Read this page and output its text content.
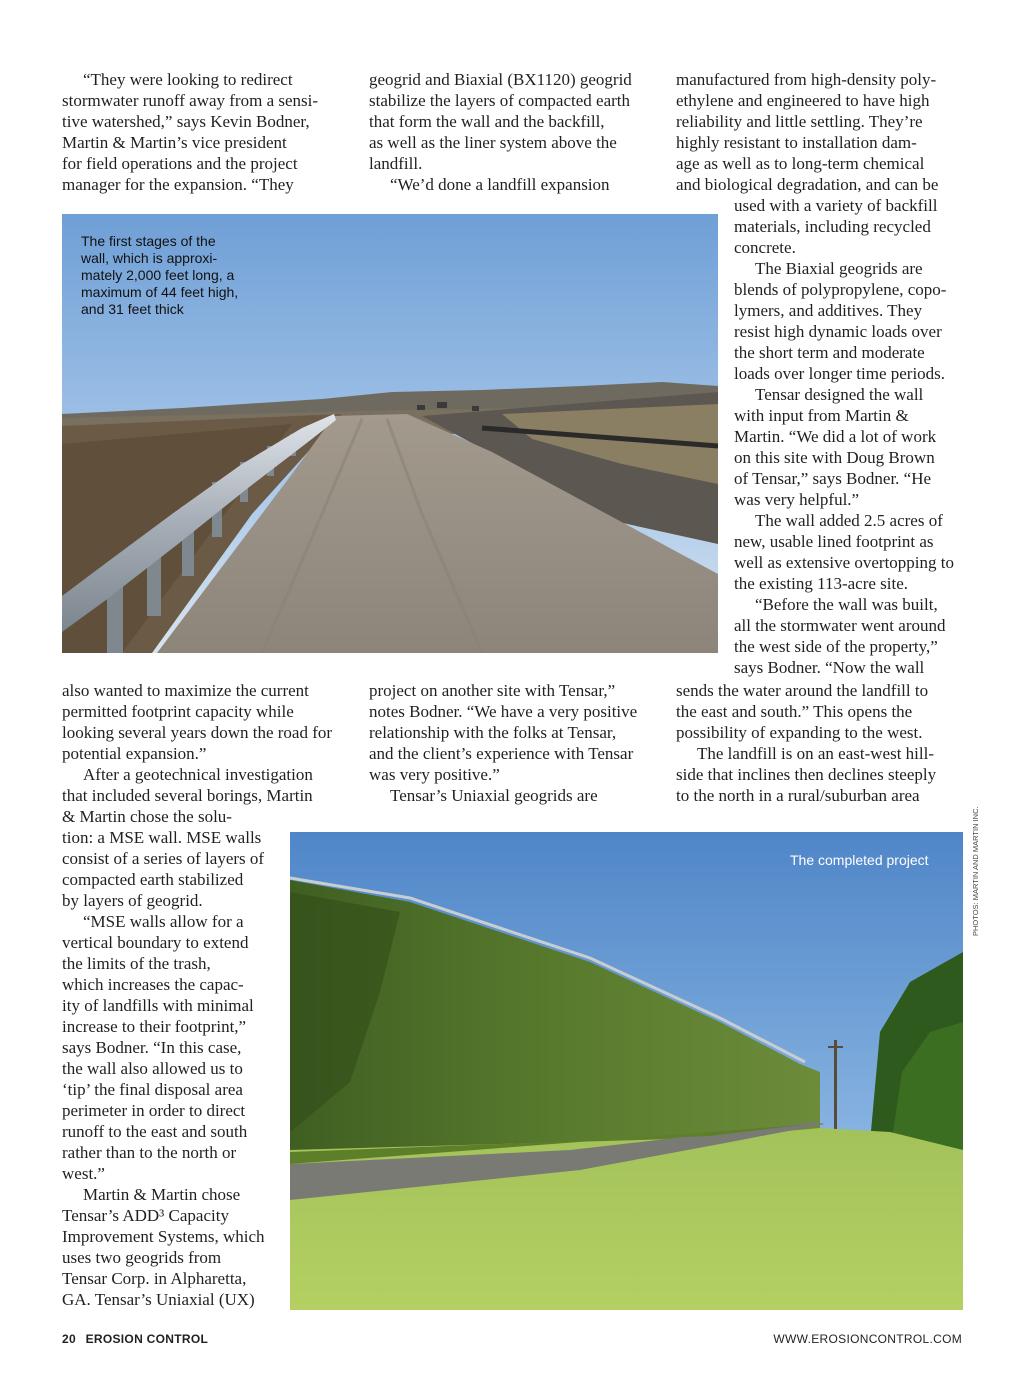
“They were looking to redirect
stormwater runoff away from a sensi-
tive watershed,” says Kevin Bodner,
Martin & Martin’s vice president
for field operations and the project
manager for the expansion. “They
also wanted to maximize the current
permitted footprint capacity while
looking several years down the road for
potential expansion.”
After a geotechnical investigation
that included several borings, Martin
& Martin chose the solu-
tion: a MSE wall. MSE walls
consist of a series of layers of
compacted earth stabilized
by layers of geogrid.
“MSE walls allow for a
vertical boundary to extend
the limits of the trash,
which increases the capac-
ity of landfills with minimal
increase to their footprint,”
says Bodner. “In this case,
the wall also allowed us to
‘tip’ the final disposal area
perimeter in order to direct
runoff to the east and south
rather than to the north or
west.”
Martin & Martin chose
Tensar’s ADD³ Capacity
Improvement Systems, which
uses two geogrids from
Tensar Corp. in Alpharetta,
GA. Tensar’s Uniaxial (UX)
geogrid and Biaxial (BX1120) geogrid
stabilize the layers of compacted earth
that form the wall and the backfill,
as well as the liner system above the
landfill.
“We’d done a landfill expansion
project on another site with Tensar,”
notes Bodner. “We have a very positive
relationship with the folks at Tensar,
and the client’s experience with Tensar
was very positive.”
Tensar’s Uniaxial geogrids are
manufactured from high-density poly-
ethylene and engineered to have high
reliability and little settling. They’re
highly resistant to installation dam-
age as well as to long-term chemical
and biological degradation, and can be
used with a variety of backfill
materials, including recycled
concrete.
The Biaxial geogrids are
blends of polypropylene, copo-
lymers, and additives. They
resist high dynamic loads over
the short term and moderate
loads over longer time periods.
Tensar designed the wall
with input from Martin &
Martin. “We did a lot of work
on this site with Doug Brown
of Tensar,” says Bodner. “He
was very helpful.”
The wall added 2.5 acres of
new, usable lined footprint as
well as extensive overtopping to
the existing 113-acre site.
“Before the wall was built,
all the stormwater went around
the west side of the property,”
says Bodner. “Now the wall
sends the water around the landfill to
the east and south.” This opens the
possibility of expanding to the west.
The landfill is on an east-west hill-
side that inclines then declines steeply
to the north in a rural/suburban area
The first stages of the
wall, which is approxi-
mately 2,000 feet long, a
maximum of 44 feet high,
and 31 feet thick
The completed project	PHOTOS: MARTIN AND MARTIN INC.
20 EROSION CONTROL	WWW.EROSIONCONTROL.COM
